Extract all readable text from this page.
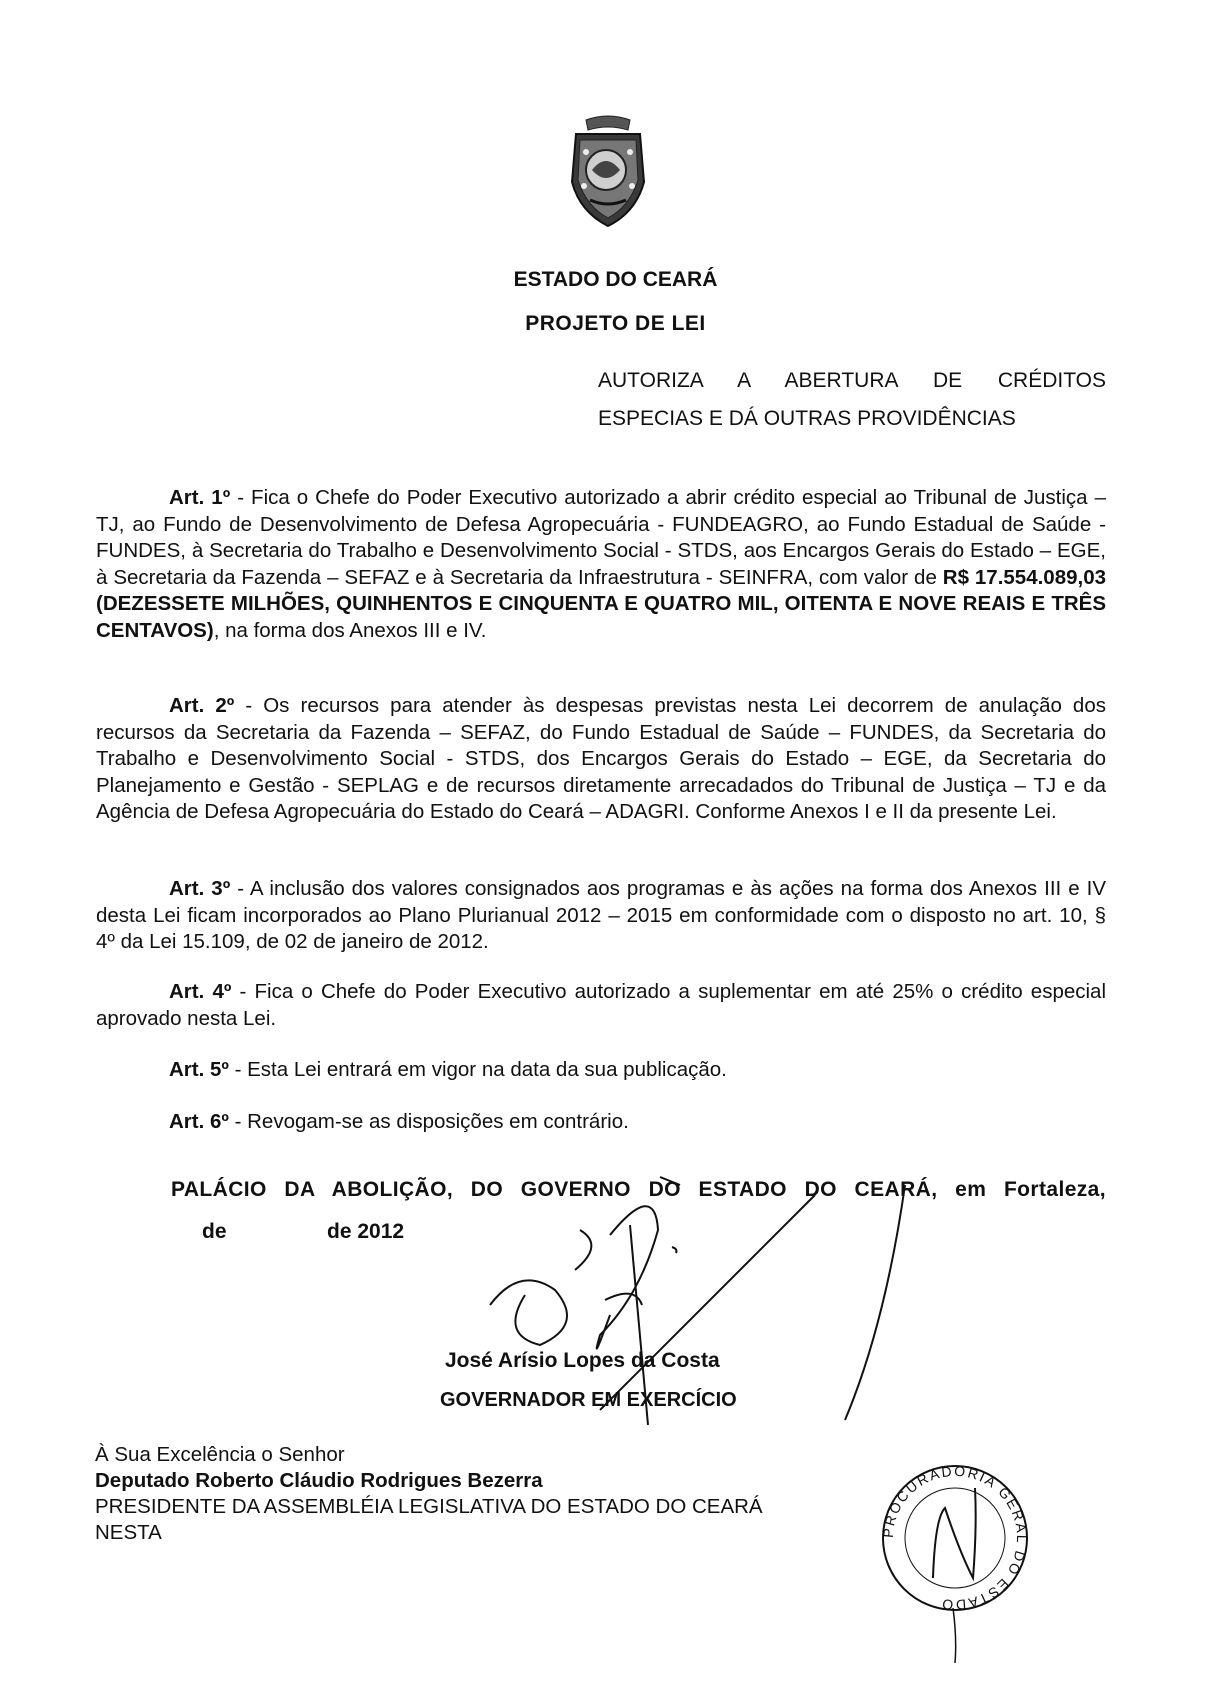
ESTADO DO CEARÁ
PROJETO DE LEI
AUTORIZA A ABERTURA DE CRÉDITOS
ESPECIAS E DÁ OUTRAS PROVIDÊNCIAS

Art. 1º - Fica o Chefe do Poder Executivo autorizado a abrir crédito especial ao Tribunal de Justiça – TJ, ao Fundo de Desenvolvimento de Defesa Agropecuária - FUNDEAGRO, ao Fundo Estadual de Saúde - FUNDES, à Secretaria do Trabalho e Desenvolvimento Social - STDS, aos Encargos Gerais do Estado – EGE, à Secretaria da Fazenda – SEFAZ e à Secretaria da Infraestrutura - SEINFRA, com valor de R$ 17.554.089,03 (DEZESSETE MILHÕES, QUINHENTOS E CINQUENTA E QUATRO MIL, OITENTA E NOVE REAIS E TRÊS CENTAVOS), na forma dos Anexos III e IV.

Art. 2º - Os recursos para atender às despesas previstas nesta Lei decorrem de anulação dos recursos da Secretaria da Fazenda – SEFAZ, do Fundo Estadual de Saúde – FUNDES, da Secretaria do Trabalho e Desenvolvimento Social - STDS, dos Encargos Gerais do Estado – EGE, da Secretaria do Planejamento e Gestão - SEPLAG e de recursos diretamente arrecadados do Tribunal de Justiça – TJ e da Agência de Defesa Agropecuária do Estado do Ceará – ADAGRI. Conforme Anexos I e II da presente Lei.

Art. 3º - A inclusão dos valores consignados aos programas e às ações na forma dos Anexos III e IV desta Lei ficam incorporados ao Plano Plurianual 2012 – 2015 em conformidade com o disposto no art. 10, § 4º da Lei 15.109, de 02 de janeiro de 2012.

Art. 4º - Fica o Chefe do Poder Executivo autorizado a suplementar em até 25% o crédito especial aprovado nesta Lei.

Art. 5º - Esta Lei entrará em vigor na data da sua publicação.

Art. 6º - Revogam-se as disposições em contrário.

PALÁCIO DA ABOLIÇÃO, DO GOVERNO DO ESTADO DO CEARÁ, em Fortaleza,
de	de 2012
José Arísio Lopes da Costa
GOVERNADOR EM EXERCÍCIO
À Sua Excelência o Senhor
Deputado Roberto Cláudio Rodrigues Bezerra
PRESIDENTE DA ASSEMBLÉIA LEGISLATIVA DO ESTADO DO CEARÁ
NESTA	PROCURADORIA GERAL DO ESTADO
